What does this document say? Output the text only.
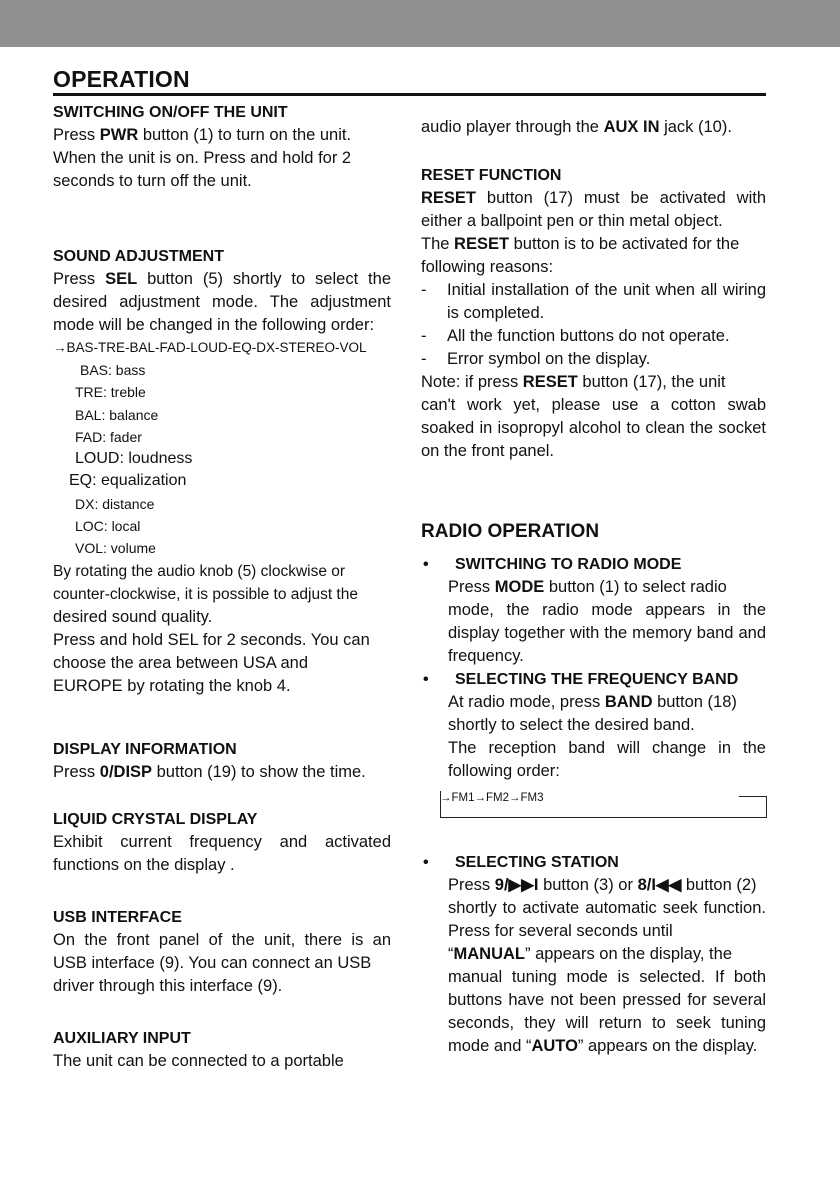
OPERATION

SWITCHING ON/OFF THE UNIT

Press PWR button (1) to turn on the unit.

When the unit is on. Press and hold for 2

seconds to turn off the unit.

SOUND ADJUSTMENT

Press SEL button (5) shortly to select the desired adjustment mode. The adjustment mode will be changed in the following order:

→BAS-TRE-BAL-FAD-LOUD-EQ-DX-STEREO-VOL

BAS: bass

TRE: treble

BAL: balance

FAD: fader

LOUD: loudness

EQ: equalization

DX: distance

LOC: local

VOL: volume

By rotating the audio knob (5) clockwise or

counter-clockwise, it is possible to adjust the

desired sound quality.

Press and hold SEL for 2 seconds. You can

choose the area between USA and

EUROPE by rotating the knob 4.

DISPLAY INFORMATION

Press 0/DISP button (19) to show the time.

LIQUID CRYSTAL DISPLAY

Exhibit current frequency and activated

functions on the display .

USB INTERFACE

On the front panel of the unit, there is an

USB interface (9). You can connect an USB

driver through this interface (9).

AUXILIARY INPUT

The unit can be connected to a portable

audio player through the AUX IN jack (10).

RESET FUNCTION

RESET button (17) must be activated with either a ballpoint pen or thin metal object.

The RESET button is to be activated for the

following reasons:

-	Initial installation of the unit when all wiring is completed.
-	All the function buttons do not operate.
-	Error symbol on the display.

Note: if press RESET button (17), the unit

can't work yet, please use a cotton swab soaked in isopropyl alcohol to clean the socket on the front panel.

RADIO OPERATION

•	SWITCHING TO RADIO MODE

Press MODE button (1) to select radio

mode, the radio mode appears in the display together with the memory band and frequency.

•	SELECTING THE FREQUENCY BAND

At radio mode, press BAND button (18)

shortly to select the desired band.

The reception band will change in the following order:

→FM1→FM2→FM3
•	SELECTING STATION

Press 9/▶▶I button (3) or 8/I◀◀ button (2)

shortly to activate automatic seek function. Press for several seconds until

“MANUAL” appears on the display, the

manual tuning mode is selected. If both buttons have not been pressed for several seconds, they will return to seek tuning mode and “AUTO” appears on the display.
